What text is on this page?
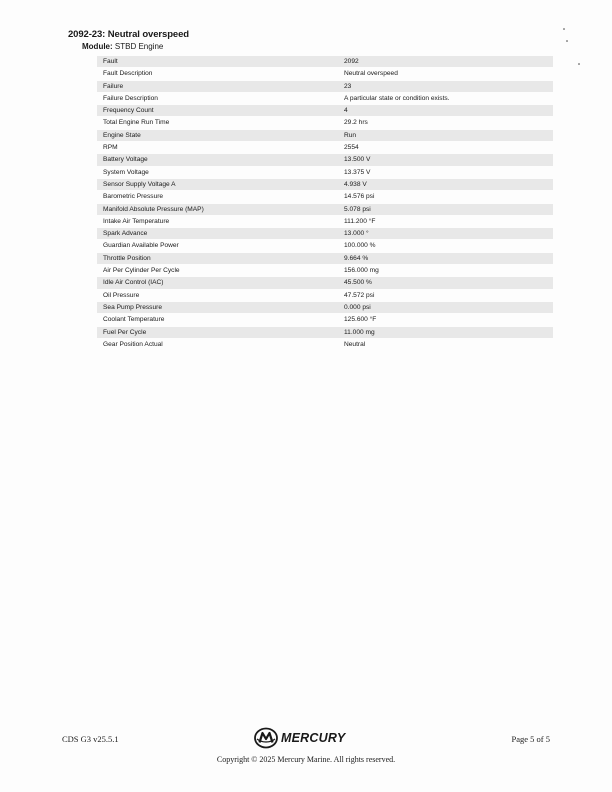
2092-23: Neutral overspeed
Module: STBD Engine
Fault	2092
Fault Description	Neutral overspeed
Failure	23
Failure Description	A particular state or condition exists.
Frequency Count	4
Total Engine Run Time	29.2 hrs
Engine State	Run
RPM	2554
Battery Voltage	13.500 V
System Voltage	13.375 V
Sensor Supply Voltage A	4.938 V
Barometric Pressure	14.576 psi
Manifold Absolute Pressure (MAP)	5.078 psi
Intake Air Temperature	111.200 °F
Spark Advance	13.000 °
Guardian Available Power	100.000 %
Throttle Position	9.664 %
Air Per Cylinder Per Cycle	156.000 mg
Idle Air Control (IAC)	45.500 %
Oil Pressure	47.572 psi
Sea Pump Pressure	0.000 psi
Coolant Temperature	125.600 °F
Fuel Per Cycle	11.000 mg
Gear Position Actual	Neutral
CDS G3 v25.5.1	MERCURY	Page 5 of 5
Copyright © 2025 Mercury Marine. All rights reserved.
